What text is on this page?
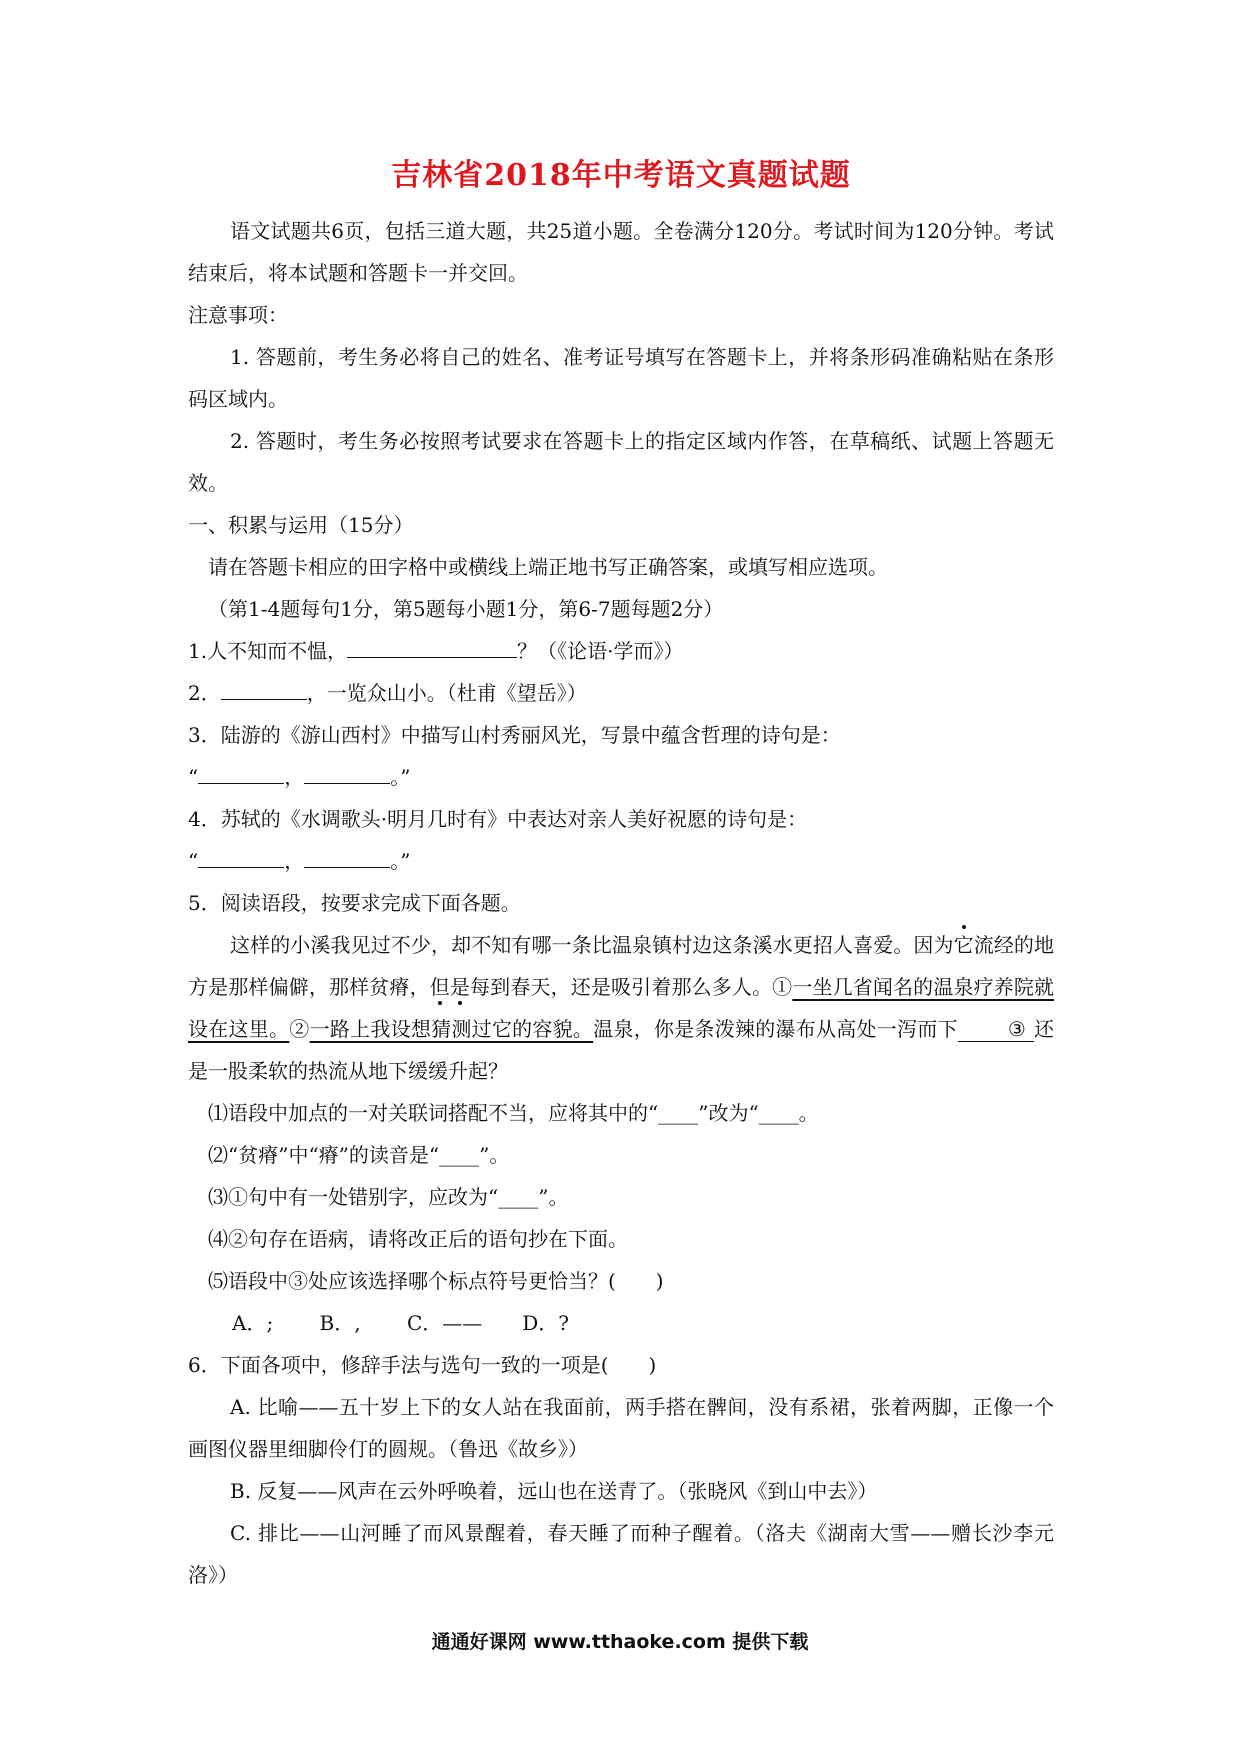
吉林省2018年中考语文真题试题
语文试题共6页，包括三道大题，共25道小题。全卷满分120分。考试时间为120分钟。考试结束后，将本试题和答题卡一并交回。
注意事项：
1. 答题前，考生务必将自己的姓名、准考证号填写在答题卡上，并将条形码准确粘贴在条形码区域内。
2. 答题时，考生务必按照考试要求在答题卡上的指定区域内作答，在草稿纸、试题上答题无效。
一、积累与运用（15分）
请在答题卡相应的田字格中或横线上端正地书写正确答案，或填写相应选项。
（第1-4题每句1分，第5题每小题1分，第6-7题每题2分）
1.人不知而不愠，	？（《论语·学而》）
2．	，一览众山小。（杜甫《望岳》）
3．陆游的《游山西村》中描写山村秀丽风光，写景中蕴含哲理的诗句是：
“	，	。”
4．苏轼的《水调歌头·明月几时有》中表达对亲人美好祝愿的诗句是：
“	，	。”
5．阅读语段，按要求完成下面各题。
这样的小溪我见过不少，却不知有哪一条比温泉镇村边这条溪水更招人喜爱。因为它流经的地方是那样偏僻，那样贫瘠，但是每到春天，还是吸引着那么多人。①一坐几省闻名的温泉疗养院就设在这里。②一路上我设想猜测过它的容貌。温泉，你是条泼辣的瀑布从高处一泻而下	③ 还是一股柔软的热流从地下缓缓升起？
⑴语段中加点的一对关联词搭配不当，应将其中的“____”改为“____。
⑵“贫瘠”中“瘠”的读音是“____”。
⑶①句中有一处错别字，应改为“____”。
⑷②句存在语病，请将改正后的语句抄在下面。
⑸语段中③处应该选择哪个标点符号更恰当？(　　)
A．;　　 B．,　　 C．——　　D．?
6．下面各项中，修辞手法与选句一致的一项是(　　)
A. 比喻——五十岁上下的女人站在我面前，两手搭在髀间，没有系裙，张着两脚，正像一个画图仪器里细脚伶仃的圆规。（鲁迅《故乡》）
B. 反复——风声在云外呼唤着，远山也在送青了。（张晓风《到山中去》）
C. 排比——山河睡了而风景醒着，春天睡了而种子醒着。（洛夫《湖南大雪——赠长沙李元洛》）
通通好课网 www.tthaoke.com 提供下载
